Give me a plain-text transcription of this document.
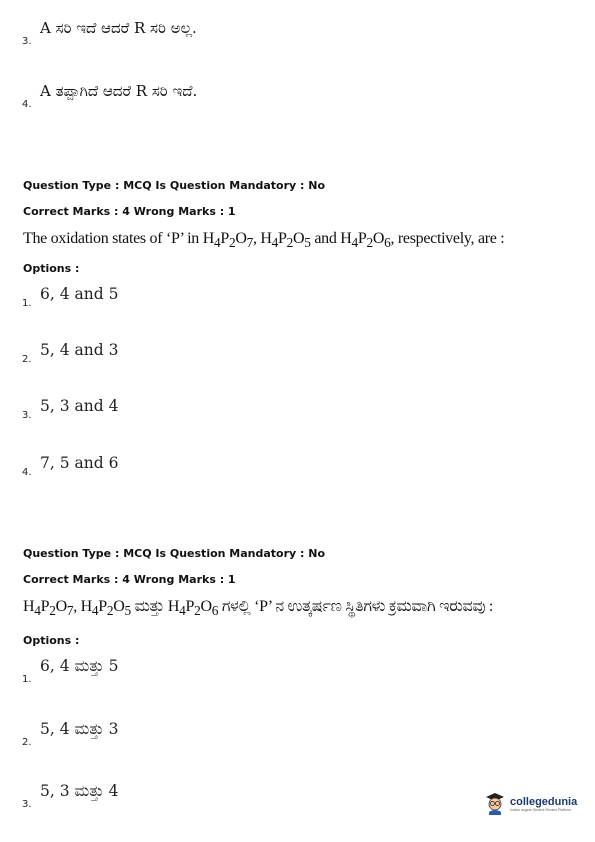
3.
A ಸರಿ ಇದೆ ಆದರೆ R ಸರಿ ಅಲ್ಲ.
4.
A ತಪ್ಪಾಗಿದೆ ಆದರೆ R ಸರಿ ಇದೆ.
Question Type : MCQ Is Question Mandatory : No
Correct Marks : 4 Wrong Marks : 1
The oxidation states of ‘P’ in $H_4P_2O_7$, $H_4P_2O_5$ and $H_4P_2O_6$, respectively, are :
Options :
1.
6, 4 and 5
2.
5, 4 and 3
3.
5, 3 and 4
4.
7, 5 and 6
Question Type : MCQ Is Question Mandatory : No
Correct Marks : 4 Wrong Marks : 1
$H_4P_2O_7$, $H_4P_2O_5$ ಮತ್ತು $H_4P_2O_6$ ಗಳಲ್ಲಿ ‘P’ ನ ಉತ್ಕರ್ಷಣ ಸ್ಥಿತಿಗಳು ಕ್ರಮವಾಗಿ ಇರುವವು :
Options :
1.
6, 4 ಮತ್ತು 5
2.
5, 4 ಮತ್ತು 3
3.
5, 3 ಮತ್ತು 4
collegedunia
India's largest Student Review Platform
